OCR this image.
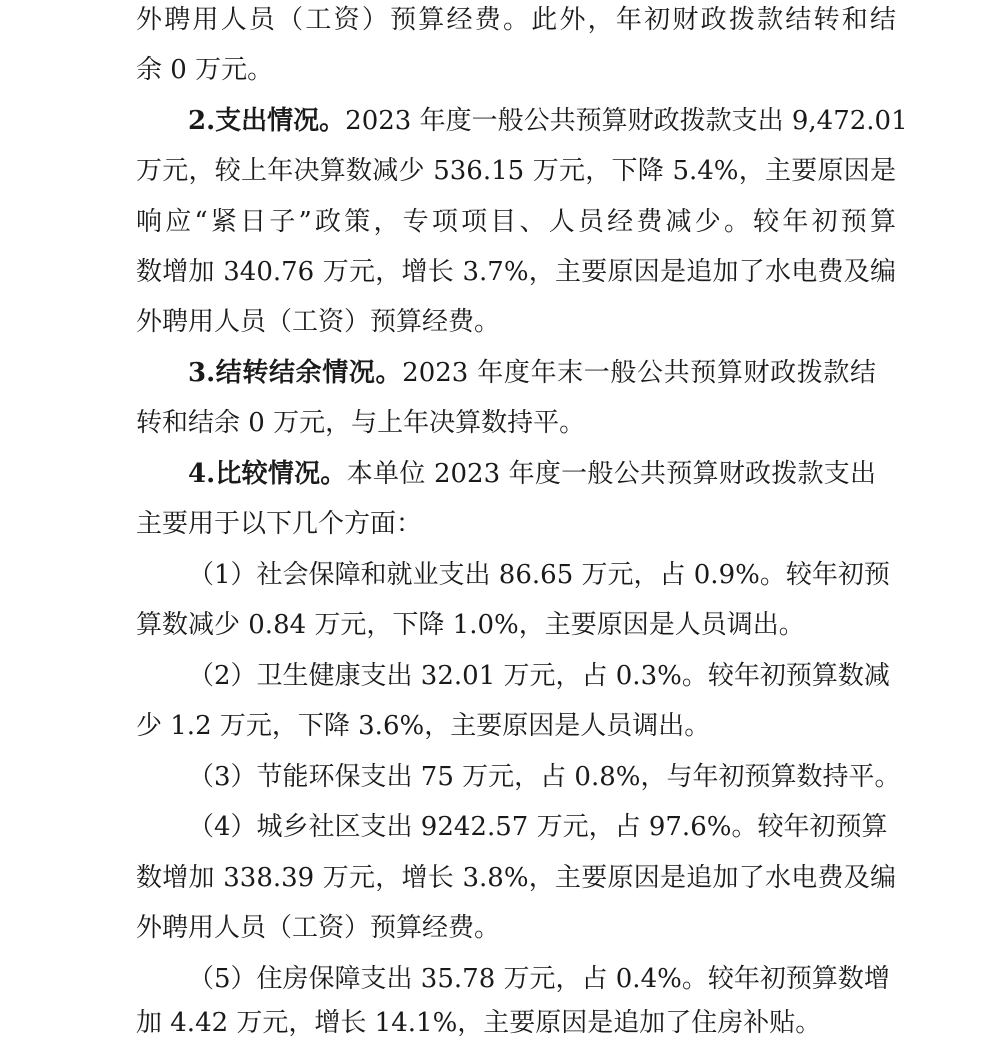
外聘用人员（工资）预算经费。此外，年初财政拨款结转和结
余 0 万元。
2.支出情况。2023 年度一般公共预算财政拨款支出 9,472.01
万元，较上年决算数减少 536.15 万元，下降 5.4%，主要原因是
响应“紧日子”政策，专项项目、人员经费减少。较年初预算
数增加 340.76 万元，增长 3.7%，主要原因是追加了水电费及编
外聘用人员（工资）预算经费。
3.结转结余情况。2023 年度年末一般公共预算财政拨款结
转和结余 0 万元，与上年决算数持平。
4.比较情况。本单位 2023 年度一般公共预算财政拨款支出
主要用于以下几个方面：
（1）社会保障和就业支出 86.65 万元，占 0.9%。较年初预
算数减少 0.84 万元，下降 1.0%，主要原因是人员调出。
（2）卫生健康支出 32.01 万元，占 0.3%。较年初预算数减
少 1.2 万元，下降 3.6%，主要原因是人员调出。
（3）节能环保支出 75 万元，占 0.8%，与年初预算数持平。
（4）城乡社区支出 9242.57 万元，占 97.6%。较年初预算
数增加 338.39 万元，增长 3.8%，主要原因是追加了水电费及编
外聘用人员（工资）预算经费。
（5）住房保障支出 35.78 万元，占 0.4%。较年初预算数增
加 4.42 万元，增长 14.1%，主要原因是追加了住房补贴。
